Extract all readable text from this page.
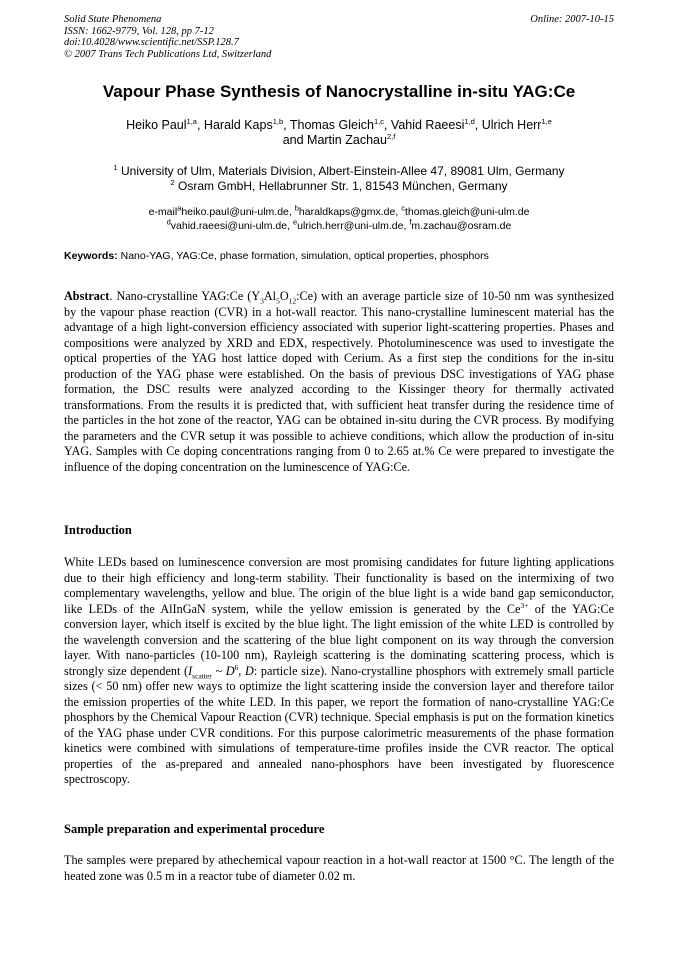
Solid State Phenomena
ISSN: 1662-9779, Vol. 128, pp 7-12
doi:10.4028/www.scientific.net/SSP.128.7
© 2007 Trans Tech Publications Ltd, Switzerland
Online: 2007-10-15
Vapour Phase Synthesis of Nanocrystalline in-situ YAG:Ce
Heiko Paul$^{1,a}$, Harald Kaps$^{1,b}$, Thomas Gleich$^{1,c}$, Vahid Raeesi$^{1,d}$, Ulrich Herr$^{1,e}$
and Martin Zachau$^{2,f}$
$^1$ University of Ulm, Materials Division, Albert-Einstein-Allee 47, 89081 Ulm, Germany
$^2$ Osram GmbH, Hellabrunner Str. 1, 81543 München, Germany
e-mail$^a$heiko.paul@uni-ulm.de, $^b$haraldkaps@gmx.de, $^c$thomas.gleich@uni-ulm.de
$^d$vahid.raeesi@uni-ulm.de, $^e$ulrich.herr@uni-ulm.de, $^f$m.zachau@osram.de
Keywords: Nano-YAG, YAG:Ce, phase formation, simulation, optical properties, phosphors
Abstract. Nano-crystalline YAG:Ce $(Y_3Al_5O_{12}:Ce)$ with an average particle size of 10-50 nm was synthesized by the vapour phase reaction (CVR) in a hot-wall reactor. This nano-crystalline luminescent material has the advantage of a high light-conversion efficiency associated with superior light-scattering properties. Phases and compositions were analyzed by XRD and EDX, respectively. Photoluminescence was used to investigate the optical properties of the YAG host lattice doped with Cerium. As a first step the conditions for the in-situ production of the YAG phase were established. On the basis of previous DSC investigations of YAG phase formation, the DSC results were analyzed according to the Kissinger theory for thermally activated transformations. From the results it is predicted that, with sufficient heat transfer during the residence time of the particles in the hot zone of the reactor, YAG can be obtained in-situ during the CVR process. By modifying the parameters and the CVR setup it was possible to achieve conditions, which allow the production of in-situ YAG. Samples with Ce doping concentrations ranging from 0 to 2.65 at.% Ce were prepared to investigate the influence of the doping concentration on the luminescence of YAG:Ce.
Introduction
White LEDs based on luminescence conversion are most promising candidates for future lighting applications due to their high efficiency and long-term stability. Their functionality is based on the intermixing of two complementary wavelengths, yellow and blue. The origin of the blue light is a wide band gap semiconductor, like LEDs of the AlInGaN system, while the yellow emission is generated by the $Ce^{3+}$ of the YAG:Ce conversion layer, which itself is excited by the blue light. The light emission of the white LED is controlled by the wavelength conversion and the scattering of the blue light component on its way through the conversion layer. With nano-particles (10-100 nm), Rayleigh scattering is the dominating scattering process, which is strongly size dependent ($I_{scatter}$ ~ $D^6$, D: particle size). Nano-crystalline phosphors with extremely small particle sizes (< 50 nm) offer new ways to optimize the light scattering inside the conversion layer and therefore tailor the emission properties of the white LED. In this paper, we report the formation of nano-crystalline YAG:Ce phosphors by the Chemical Vapour Reaction (CVR) technique. Special emphasis is put on the formation kinetics of the YAG phase under CVR conditions. For this purpose calorimetric measurements of the phase formation kinetics were combined with simulations of temperature-time profiles inside the CVR reactor. The optical properties of the as-prepared and annealed nano-phosphors have been investigated by fluorescence spectroscopy.
Sample preparation and experimental procedure
The samples were prepared by athechemical vapour reaction in a hot-wall reactor at 1500 °C. The length of the heated zone was 0.5 m in a reactor tube of diameter 0.02 m.
